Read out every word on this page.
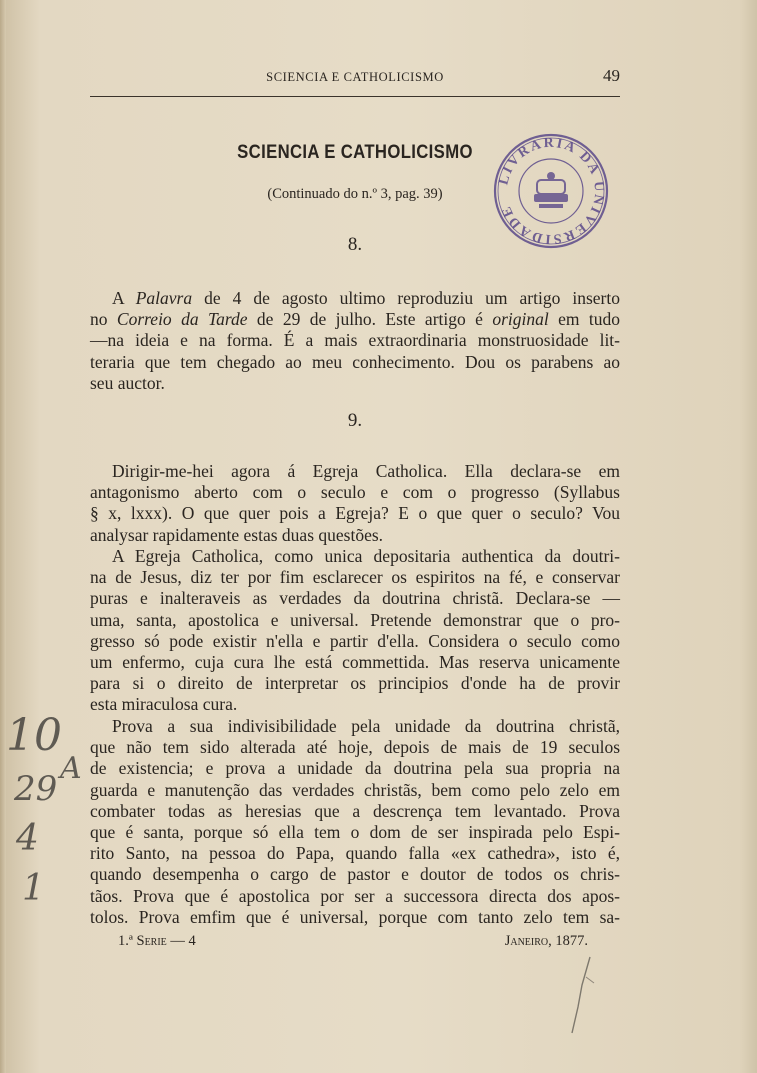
SCIENCIA E CATHOLICISMO	49
SCIENCIA E CATHOLICISMO
(Continuado do n.º 3, pag. 39)
LIVRARIA DA UNIVERSIDADE
8.
A Palavra de 4 de agosto ultimo reproduziu um artigo inserto
no Correio da Tarde de 29 de julho. Este artigo é original em tudo
—na ideia e na forma. É a mais extraordinaria monstruosidade lit-
teraria que tem chegado ao meu conhecimento. Dou os parabens ao
seu auctor.
9.
Dirigir-me-hei agora á Egreja Catholica. Ella declara-se em
antagonismo aberto com o seculo e com o progresso (Syllabus
§ x, lxxx). O que quer pois a Egreja? E o que quer o seculo? Vou
analysar rapidamente estas duas questões.
A Egreja Catholica, como unica depositaria authentica da doutri-
na de Jesus, diz ter por fim esclarecer os espiritos na fé, e conservar
puras e inalteraveis as verdades da doutrina christã. Declara-se —
uma, santa, apostolica e universal. Pretende demonstrar que o pro-
gresso só pode existir n'ella e partir d'ella. Considera o seculo como
um enfermo, cuja cura lhe está commettida. Mas reserva unicamente
para si o direito de interpretar os principios d'onde ha de provir
esta miraculosa cura.
Prova a sua indivisibilidade pela unidade da doutrina christã,
que não tem sido alterada até hoje, depois de mais de 19 seculos
de existencia; e prova a unidade da doutrina pela sua propria na
guarda e manutenção das verdades christãs, bem como pelo zelo em
combater todas as heresias que a descrença tem levantado. Prova
que é santa, porque só ella tem o dom de ser inspirada pelo Espi-
rito Santo, na pessoa do Papa, quando falla «ex cathedra», isto é,
quando desempenha o cargo de pastor e doutor de todos os chris-
tãos. Prova que é apostolica por ser a successora directa dos apos-
tolos. Prova emfim que é universal, porque com tanto zelo tem sa-
1.ª Serie — 4	Janeiro, 1877.
10
29
A
4
1
